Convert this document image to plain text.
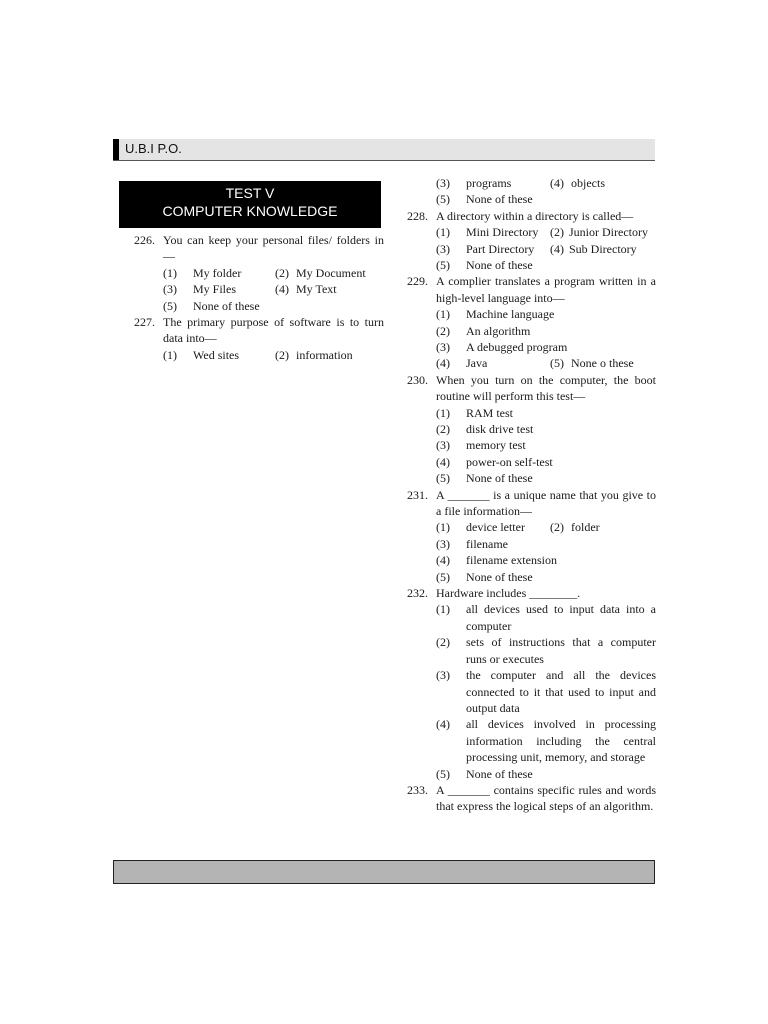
U.B.I P.O.
TEST V
COMPUTER KNOWLEDGE
226. You can keep your personal files/ folders in—
(1) My folder	(2) My Document
(3) My Files	(4) My Text
(5) None of these
227. The primary purpose of software is to turn data into—
(1) Wed sites	(2) information
(3) programs	(4) objects
(5) None of these
228. A directory within a directory is called—
(1) Mini Directory (2) Junior Directory
(3) Part Directory (4) Sub Directory
(5) None of these
229. A complier translates a program written in a high-level language into—
(1) Machine language
(2) An algorithm
(3) A debugged program
(4) Java	(5) None o these
230. When you turn on the computer, the boot routine will perform this test—
(1) RAM test
(2) disk drive test
(3) memory test
(4) power-on self-test
(5) None of these
231. A _______ is a unique name that you give to a file information—
(1) device letter (2) folder
(3) filename
(4) filename extension
(5) None of these
232. Hardware includes ________.
(1) all devices used to input data into a computer
(2) sets of instructions that a computer runs or executes
(3) the computer and all the devices connected to it that used to input and output data
(4) all devices involved in processing information including the central processing unit, memory, and storage
(5) None of these
233. A _______ contains specific rules and words that express the logical steps of an algorithm.
